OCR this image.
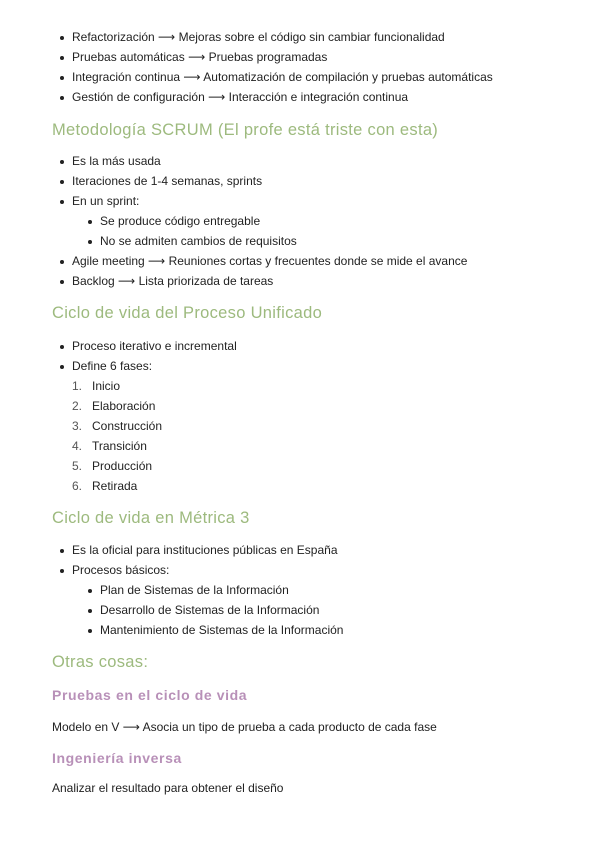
Refactorización ⟶ Mejoras sobre el código sin cambiar funcionalidad
Pruebas automáticas ⟶ Pruebas programadas
Integración continua ⟶ Automatización de compilación y pruebas automáticas
Gestión de configuración ⟶ Interacción e integración continua
Metodología SCRUM (El profe está triste con esta)
Es la más usada
Iteraciones de 1-4 semanas, sprints
En un sprint:
Se produce código entregable
No se admiten cambios de requisitos
Agile meeting ⟶ Reuniones cortas y frecuentes donde se mide el avance
Backlog ⟶ Lista priorizada de tareas
Ciclo de vida del Proceso Unificado
Proceso iterativo e incremental
Define 6 fases:
1. Inicio
2. Elaboración
3. Construcción
4. Transición
5. Producción
6. Retirada
Ciclo de vida en Métrica 3
Es la oficial para instituciones públicas en España
Procesos básicos:
Plan de Sistemas de la Información
Desarrollo de Sistemas de la Información
Mantenimiento de Sistemas de la Información
Otras cosas:
Pruebas en el ciclo de vida
Modelo en V ⟶ Asocia un tipo de prueba a cada producto de cada fase
Ingeniería inversa
Analizar el resultado para obtener el diseño
